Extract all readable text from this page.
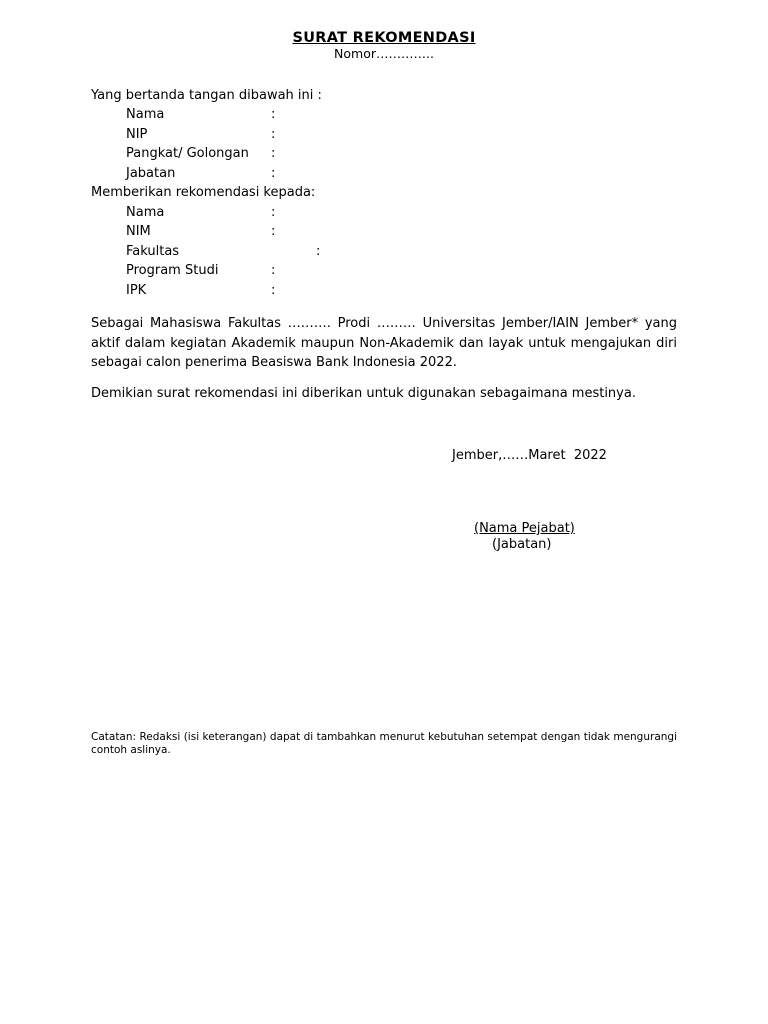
SURAT REKOMENDASI
Nomor…………..
Yang bertanda tangan dibawah ini :
Nama	:
NIP	:
Pangkat/ Golongan :
Jabatan	:
Memberikan rekomendasi kepada:
Nama	:
NIM	:
Fakultas	:
Program Studi	:
IPK	:
Sebagai Mahasiswa Fakultas ………. Prodi ……… Universitas Jember/IAIN Jember* yang aktif dalam kegiatan Akademik maupun Non-Akademik dan layak untuk mengajukan diri sebagai calon penerima Beasiswa Bank Indonesia 2022.
Demikian surat rekomendasi ini diberikan untuk digunakan sebagaimana mestinya.
Jember,……Maret  2022
(Nama Pejabat)
(Jabatan)
Catatan: Redaksi (isi keterangan) dapat di tambahkan menurut kebutuhan setempat dengan tidak mengurangi contoh aslinya.
